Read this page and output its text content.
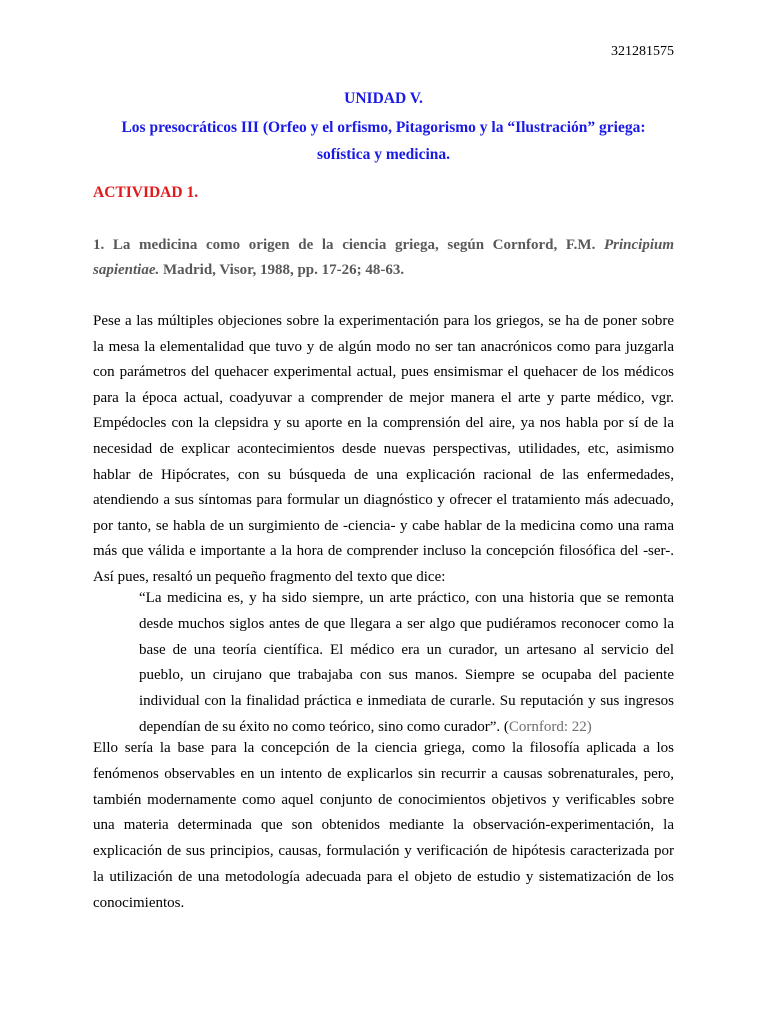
321281575

UNIDAD V.

Los presocráticos III (Orfeo y el orfismo, Pitagorismo y la “Ilustración” griega: sofística y medicina.

ACTIVIDAD 1.

1. La medicina como origen de la ciencia griega, según Cornford, F.M. Principium sapientiae. Madrid, Visor, 1988, pp. 17-26; 48-63.

Pese a las múltiples objeciones sobre la experimentación para los griegos, se ha de poner sobre la mesa la elementalidad que tuvo y de algún modo no ser tan anacrónicos como para juzgarla con parámetros del quehacer experimental actual, pues ensimismar el quehacer de los médicos para la época actual, coadyuvar a comprender de mejor manera el arte y parte médico, vgr. Empédocles con la clepsidra y su aporte en la comprensión del aire, ya nos habla por sí de la necesidad de explicar acontecimientos desde nuevas perspectivas, utilidades, etc, asimismo hablar de Hipócrates, con su búsqueda de una explicación racional de las enfermedades, atendiendo a sus síntomas para formular un diagnóstico y ofrecer el tratamiento más adecuado, por tanto, se habla de un surgimiento de -ciencia- y cabe hablar de la medicina como una rama más que válida e importante a la hora de comprender incluso la concepción filosófica del -ser-. Así pues, resaltó un pequeño fragmento del texto que dice:

“La medicina es, y ha sido siempre, un arte práctico, con una historia que se remonta desde muchos siglos antes de que llegara a ser algo que pudiéramos reconocer como la base de una teoría científica. El médico era un curador, un artesano al servicio del pueblo, un cirujano que trabajaba con sus manos. Siempre se ocupaba del paciente individual con la finalidad práctica e inmediata de curarle. Su reputación y sus ingresos dependían de su éxito no como teórico, sino como curador”. (Cornford: 22)

Ello sería la base para la concepción de la ciencia griega, como la filosofía aplicada a los fenómenos observables en un intento de explicarlos sin recurrir a causas sobrenaturales, pero, también modernamente como aquel conjunto de conocimientos objetivos y verificables sobre una materia determinada que son obtenidos mediante la observación-experimentación, la explicación de sus principios, causas, formulación y verificación de hipótesis caracterizada por la utilización de una metodología adecuada para el objeto de estudio y sistematización de los conocimientos.
